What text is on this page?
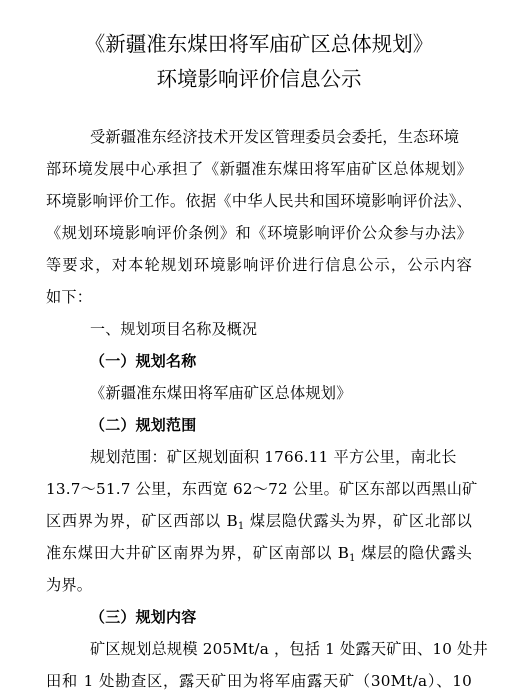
《新疆准东煤田将军庙矿区总体规划》
环境影响评价信息公示
受新疆准东经济技术开发区管理委员会委托，生态环境
部环境发展中心承担了《新疆准东煤田将军庙矿区总体规划》
环境影响评价工作。依据《中华人民共和国环境影响评价法》、
《规划环境影响评价条例》和《环境影响评价公众参与办法》
等要求，对本轮规划环境影响评价进行信息公示，公示内容
如下：
一、规划项目名称及概况
（一）规划名称
《新疆准东煤田将军庙矿区总体规划》
（二）规划范围
规划范围：矿区规划面积 1766.11 平方公里，南北长
13.7～51.7 公里，东西宽 62～72 公里。矿区东部以西黑山矿
区西界为界，矿区西部以 $B_1$ 煤层隐伏露头为界，矿区北部以
准东煤田大井矿区南界为界，矿区南部以 $B_1$ 煤层的隐伏露头
为界。
（三）规划内容
矿区规划总规模 205Mt/a ，包括 1 处露天矿田、10 处井
田和 1 处勘查区，露天矿田为将军庙露天矿（30Mt/a）、10
